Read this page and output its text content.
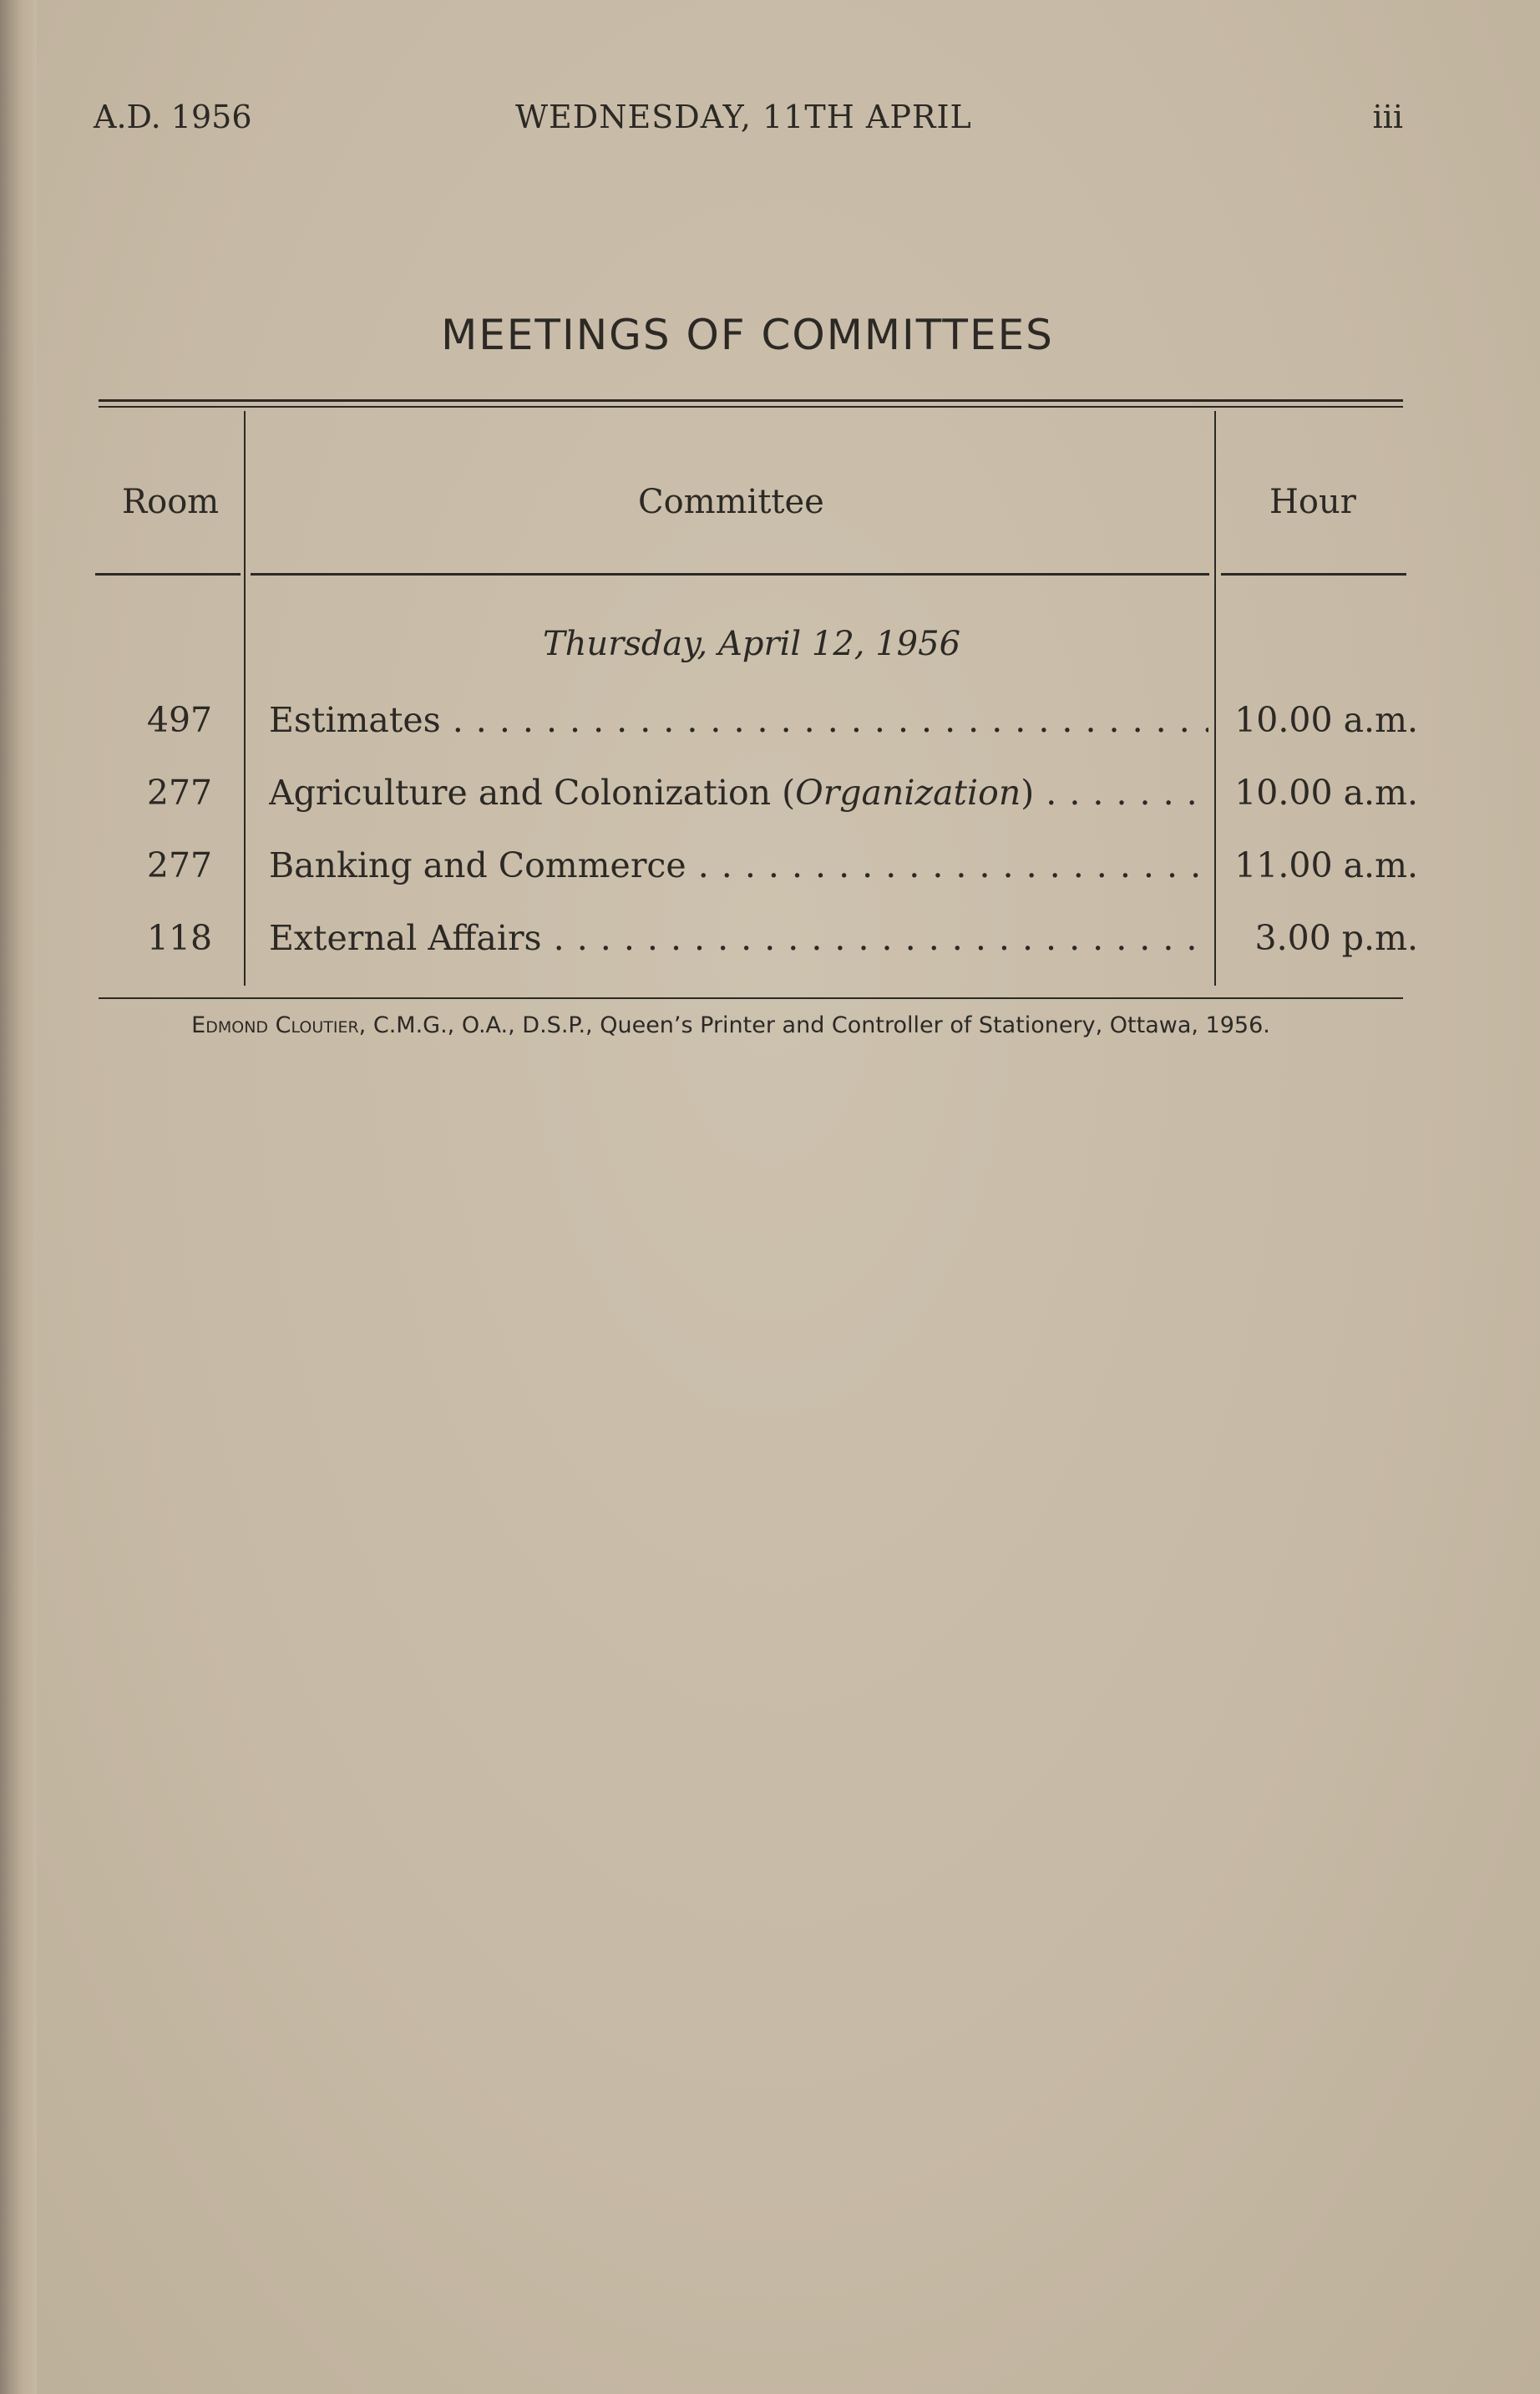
A.D. 1956	WEDNESDAY, 11TH APRIL	iii
MEETINGS OF COMMITTEES
Room	Committee	Hour
Thursday, April 12, 1956
497	Estimates . . .	10.00 a.m.
277	Agriculture and Colonization (Organization) . . .	10.00 a.m.
277	Banking and Commerce . . .	11.00 a.m.
118	External Affairs . . .	3.00 p.m.
Edmond Cloutier, C.M.G., O.A., D.S.P., Queen’s Printer and Controller of Stationery, Ottawa, 1956.
